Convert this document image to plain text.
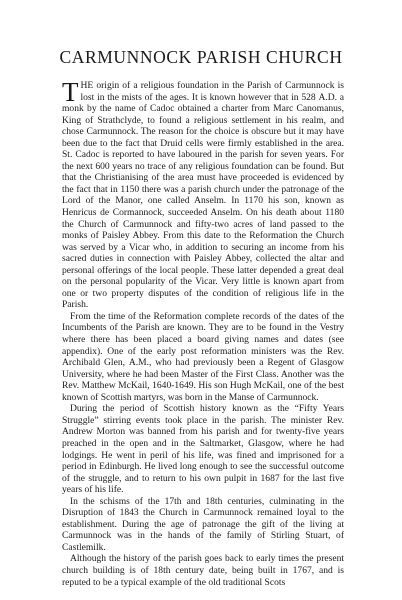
CARMUNNOCK PARISH CHURCH

THE origin of a religious foundation in the Parish of Carmunnock is lost in the mists of the ages. It is known however that in 528 A.D. a monk by the name of Cadoc obtained a charter from Marc Canomanus, King of Strathclyde, to found a religious settlement in his realm, and chose Carmunnock. The reason for the choice is obscure but it may have been due to the fact that Druid cells were firmly established in the area. St. Cadoc is reported to have laboured in the parish for seven years. For the next 600 years no trace of any religious foundation can be found. But that the Christianising of the area must have proceeded is evidenced by the fact that in 1150 there was a parish church under the patronage of the Lord of the Manor, one called Anselm. In 1170 his son, known as Henricus de Cormannock, succeeded Anselm. On his death about 1180 the Church of Carmunnock and fifty-two acres of land passed to the monks of Paisley Abbey. From this date to the Reformation the Church was served by a Vicar who, in addition to securing an income from his sacred duties in connection with Paisley Abbey, collected the altar and personal offerings of the local people. These latter depended a great deal on the personal popularity of the Vicar. Very little is known apart from one or two property disputes of the condition of religious life in the Parish.

From the time of the Reformation complete records of the dates of the Incumbents of the Parish are known. They are to be found in the Vestry where there has been placed a board giving names and dates (see appendix). One of the early post reformation ministers was the Rev. Archibald Glen, A.M., who had previously been a Regent of Glasgow University, where he had been Master of the First Class. Another was the Rev. Matthew McKail, 1640-1649. His son Hugh McKail, one of the best known of Scottish martyrs, was born in the Manse of Carmunnock.

During the period of Scottish history known as the “Fifty Years Struggle” stirring events took place in the parish. The minister Rev. Andrew Morton was banned from his parish and for twenty-five years preached in the open and in the Saltmarket, Glasgow, where he had lodgings. He went in peril of his life, was fined and imprisoned for a period in Edinburgh. He lived long enough to see the successful outcome of the struggle, and to return to his own pulpit in 1687 for the last five years of his life.

In the schisms of the 17th and 18th centuries, culminating in the Disruption of 1843 the Church in Carmunnock remained loyal to the establishment. During the age of patronage the gift of the living at Carmunnock was in the hands of the family of Stirling Stuart, of Castlemilk.

Although the history of the parish goes back to early times the present church building is of 18th century date, being built in 1767, and is reputed to be a typical example of the old traditional Scots
